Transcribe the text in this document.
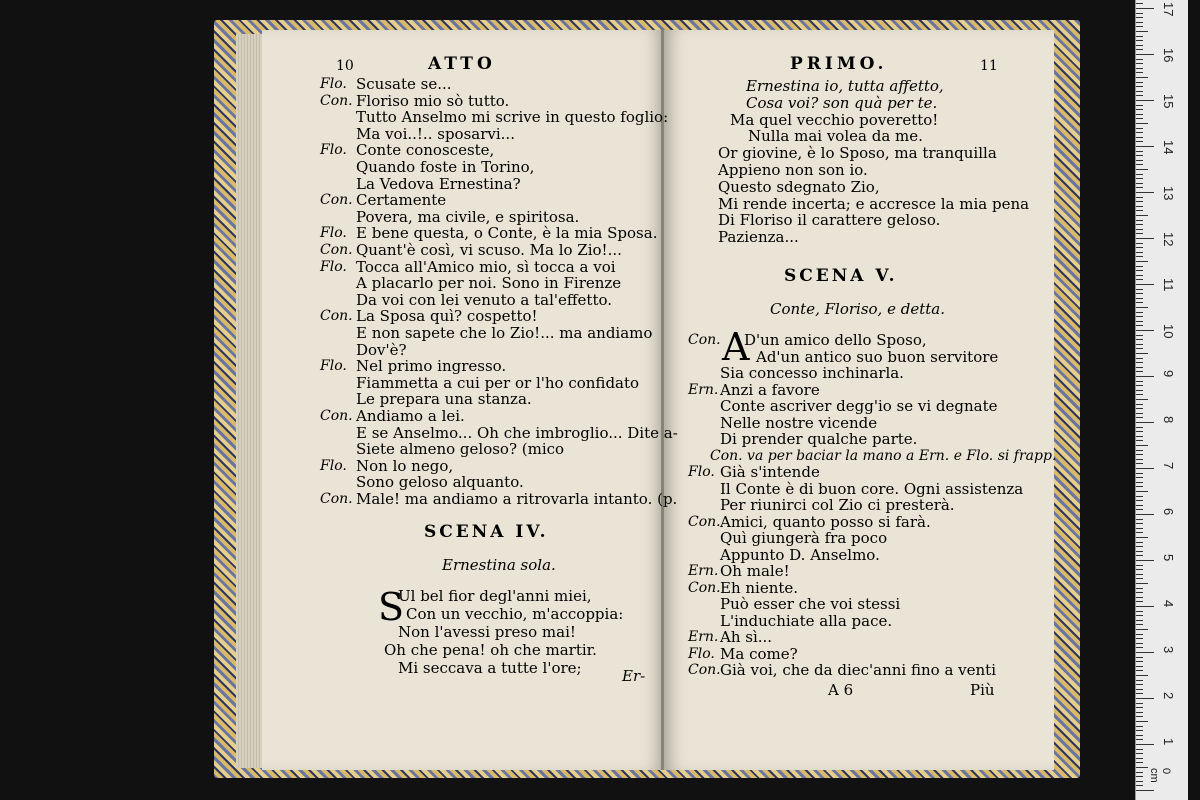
10	ATTO
Flo. Scusate se...
Con. Floriso mio sò tutto.
Tutto Anselmo mi scrive in questo foglio:
Ma voi..!.. sposarvi...
Flo. Conte conosceste,
Quando foste in Torino,
La Vedova Ernestina?
Con. Certamente
Povera, ma civile, e spiritosa.
Flo. E bene questa, o Conte, è la mia Sposa.
Con. Quant'è così, vi scuso. Ma lo Zio!...
Flo. Tocca all'Amico mio, sì tocca a voi
A placarlo per noi. Sono in Firenze
Da voi con lei venuto a tal'effetto.
Con. La Sposa quì? cospetto!
E non sapete che lo Zio!... ma andiamo
Dov'è?
Flo. Nel primo ingresso.
Fiammetta a cui per or l'ho confidato
Le prepara una stanza.
Con. Andiamo a lei.
E se Anselmo... Oh che imbroglio... Dite a-
Siete almeno geloso? (mico
Flo. Non lo nego,
Sono geloso alquanto.
Con. Male! ma andiamo a ritrovarla intanto. (p.
SCENA IV.
Ernestina sola.
S
Ul bel fior degl'anni miei,
Con un vecchio, m'accoppia:
Non l'avessi preso mai!
Oh che pena! oh che martir.
Mi seccava a tutte l'ore;	Er-
PRIMO.	11
Ernestina io, tutta affetto,
Cosa voi? son quà per te.
Ma quel vecchio poveretto!
Nulla mai volea da me.
Or giovine, è lo Sposo, ma tranquilla
Appieno non son io.
Questo sdegnato Zio,
Mi rende incerta; e accresce la mia pena
Di Floriso il carattere geloso.
Pazienza...
SCENA V.
Conte, Floriso, e detta.
A
Con. D'un amico dello Sposo,
Ad'un antico suo buon servitore
Sia concesso inchinarla.
Ern. Anzi a favore
Conte ascriver degg'io se vi degnate
Nelle nostre vicende
Di prender qualche parte.
Con. va per baciar la mano a Ern. e Flo. si frapp.
Flo. Già s'intende
Il Conte è di buon core. Ogni assistenza
Per riunirci col Zio ci presterà.
Con. Amici, quanto posso si farà.
Quì giungerà fra poco
Appunto D. Anselmo.
Ern. Oh male!
Con. Eh niente.
Può esser che voi stessi
L'induchiate alla pace.
Ern. Ah sì...
Flo. Ma come?
Con. Già voi, che da diec'anni fino a venti
A 6	Più
1
2
3
4
5
6
7
8
9
10
11
12
13
14
15
16
17
0 cm
